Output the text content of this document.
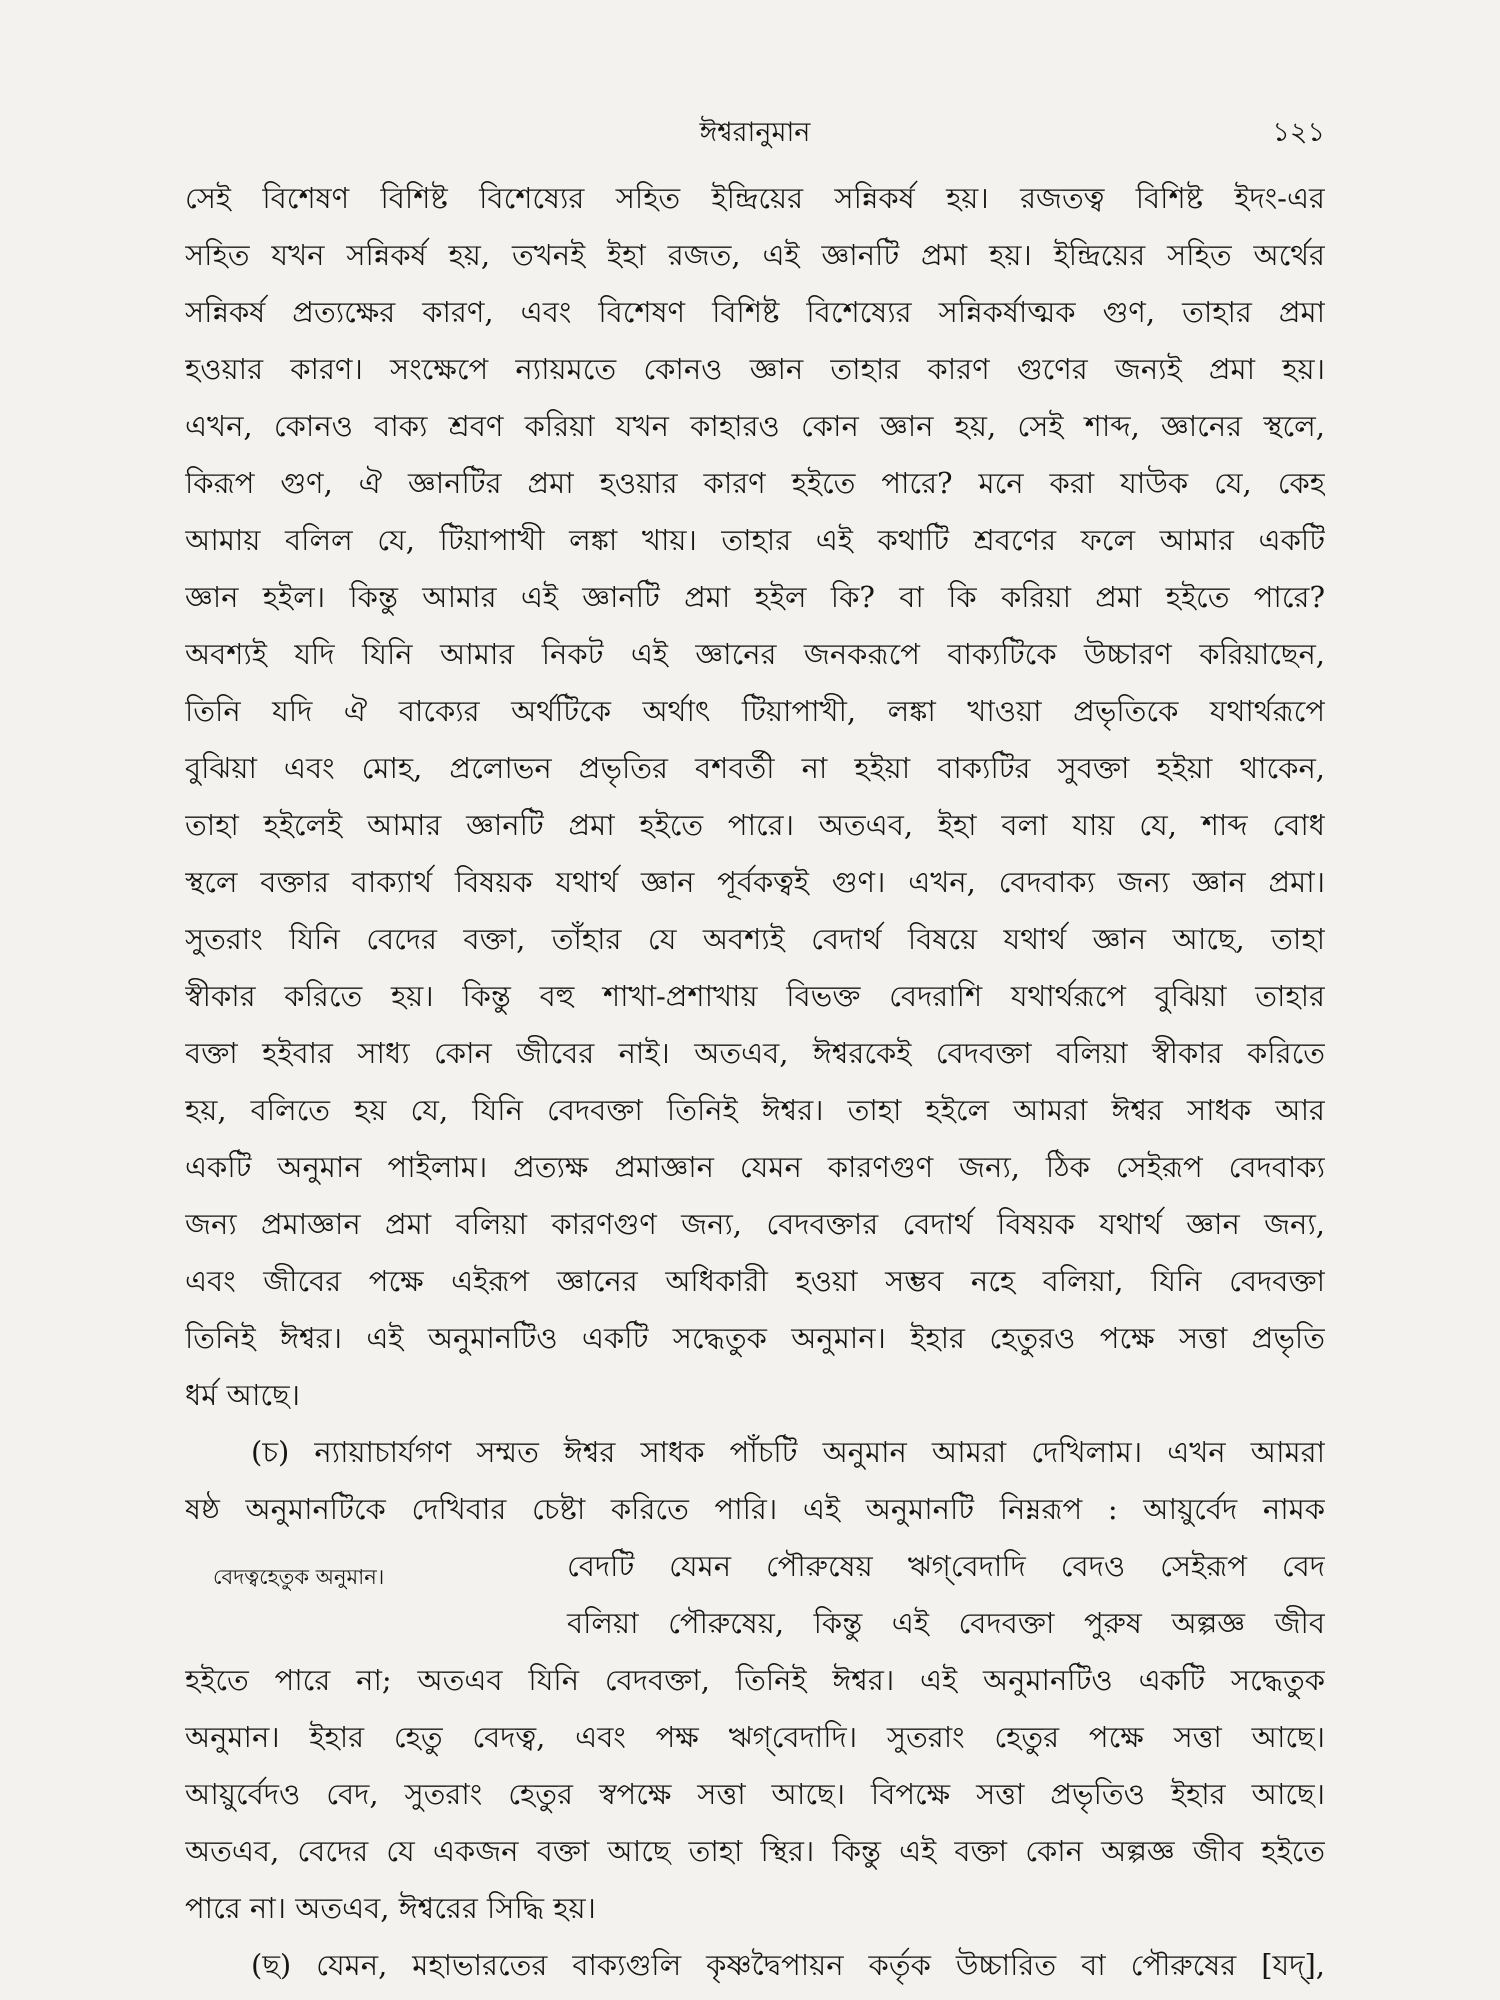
ঈশ্বরানুমান	১২১
সেই বিশেষণ বিশিষ্ট বিশেষ্যের সহিত ইন্দ্রিয়ের সন্নিকর্ষ হয়। রজতত্ব বিশিষ্ট ইদং-এর
সহিত যখন সন্নিকর্ষ হয়, তখনই ইহা রজত, এই জ্ঞানটি প্রমা হয়। ইন্দ্রিয়ের সহিত অর্থের
সন্নিকর্ষ প্রত্যক্ষের কারণ, এবং বিশেষণ বিশিষ্ট বিশেষ্যের সন্নিকর্ষাত্মক গুণ, তাহার প্রমা
হওয়ার কারণ। সংক্ষেপে ন্যায়মতে কোনও জ্ঞান তাহার কারণ গুণের জন্যই প্রমা হয়।
এখন, কোনও বাক্য শ্রবণ করিয়া যখন কাহারও কোন জ্ঞান হয়, সেই শাব্দ, জ্ঞানের স্থলে,
কিরূপ গুণ, ঐ জ্ঞানটির প্রমা হওয়ার কারণ হইতে পারে? মনে করা যাউক যে, কেহ
আমায় বলিল যে, টিয়াপাখী লঙ্কা খায়। তাহার এই কথাটি শ্রবণের ফলে আমার একটি
জ্ঞান হইল। কিন্তু আমার এই জ্ঞানটি প্রমা হইল কি? বা কি করিয়া প্রমা হইতে পারে?
অবশ্যই যদি যিনি আমার নিকট এই জ্ঞানের জনকরূপে বাক্যটিকে উচ্চারণ করিয়াছেন,
তিনি যদি ঐ বাক্যের অর্থটিকে অর্থাৎ টিয়াপাখী, লঙ্কা খাওয়া প্রভৃতিকে যথার্থরূপে
বুঝিয়া এবং মোহ, প্রলোভন প্রভৃতির বশবর্তী না হইয়া বাক্যটির সুবক্তা হইয়া থাকেন,
তাহা হইলেই আমার জ্ঞানটি প্রমা হইতে পারে। অতএব, ইহা বলা যায় যে, শাব্দ বোধ
স্থলে বক্তার বাক্যার্থ বিষয়ক যথার্থ জ্ঞান পূর্বকত্বই গুণ। এখন, বেদবাক্য জন্য জ্ঞান প্রমা।
সুতরাং যিনি বেদের বক্তা, তাঁহার যে অবশ্যই বেদার্থ বিষয়ে যথার্থ জ্ঞান আছে, তাহা
স্বীকার করিতে হয়। কিন্তু বহু শাখা-প্রশাখায় বিভক্ত বেদরাশি যথার্থরূপে বুঝিয়া তাহার
বক্তা হইবার সাধ্য কোন জীবের নাই। অতএব, ঈশ্বরকেই বেদবক্তা বলিয়া স্বীকার করিতে
হয়, বলিতে হয় যে, যিনি বেদবক্তা তিনিই ঈশ্বর। তাহা হইলে আমরা ঈশ্বর সাধক আর
একটি অনুমান পাইলাম। প্রত্যক্ষ প্রমাজ্ঞান যেমন কারণগুণ জন্য, ঠিক সেইরূপ বেদবাক্য
জন্য প্রমাজ্ঞান প্রমা বলিয়া কারণগুণ জন্য, বেদবক্তার বেদার্থ বিষয়ক যথার্থ জ্ঞান জন্য,
এবং জীবের পক্ষে এইরূপ জ্ঞানের অধিকারী হওয়া সম্ভব নহে বলিয়া, যিনি বেদবক্তা
তিনিই ঈশ্বর। এই অনুমানটিও একটি সদ্ধেতুক অনুমান। ইহার হেতুরও পক্ষে সত্তা প্রভৃতি
ধর্ম আছে।
(চ) ন্যায়াচার্যগণ সম্মত ঈশ্বর সাধক পাঁচটি অনুমান আমরা দেখিলাম। এখন আমরা
ষষ্ঠ অনুমানটিকে দেখিবার চেষ্টা করিতে পারি। এই অনুমানটি নিম্নরূপ : আয়ুর্বেদ নামক
বেদত্বহেতুক অনুমান।	বেদটি যেমন পৌরুষেয় ঋগ্‌বেদাদি বেদও সেইরূপ বেদ
বলিয়া পৌরুষেয়, কিন্তু এই বেদবক্তা পুরুষ অল্পজ্ঞ জীব
হইতে পারে না; অতএব যিনি বেদবক্তা, তিনিই ঈশ্বর। এই অনুমানটিও একটি সদ্ধেতুক
অনুমান। ইহার হেতু বেদত্ব, এবং পক্ষ ঋগ্‌বেদাদি। সুতরাং হেতুর পক্ষে সত্তা আছে।
আয়ুর্বেদও বেদ, সুতরাং হেতুর স্বপক্ষে সত্তা আছে। বিপক্ষে সত্তা প্রভৃতিও ইহার আছে।
অতএব, বেদের যে একজন বক্তা আছে তাহা স্থির। কিন্তু এই বক্তা কোন অল্পজ্ঞ জীব হইতে
পারে না। অতএব, ঈশ্বরের সিদ্ধি হয়।
(ছ) যেমন, মহাভারতের বাক্যগুলি কৃষ্ণদ্বৈপায়ন কর্তৃক উচ্চারিত বা পৌরুষের [যদ্],
